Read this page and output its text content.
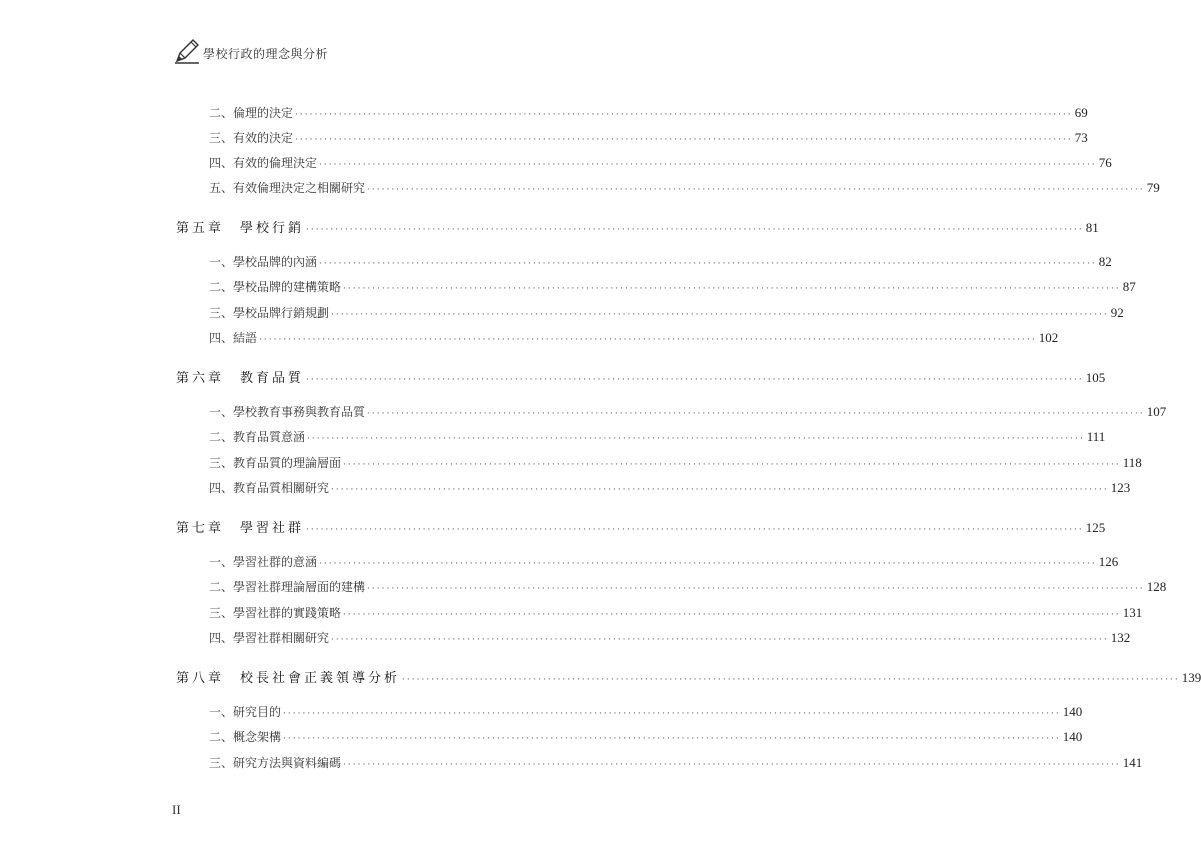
學校行政的理念與分析
二、倫理的決定 ································································································································································ 69
三、有效的決定 ································································································································································ 73
四、有效的倫理決定 ································································································································································ 76
五、有效倫理決定之相關研究 ································································································································································ 79
第五章　學校行銷 ································································································································································ 81
一、學校品牌的內涵 ································································································································································ 82
二、學校品牌的建構策略 ································································································································································ 87
三、學校品牌行銷規劃 ································································································································································ 92
四、結語 ································································································································································ 102
第六章　教育品質 ································································································································································ 105
一、學校教育事務與教育品質 ································································································································································ 107
二、教育品質意涵 ································································································································································ 111
三、教育品質的理論層面 ································································································································································ 118
四、教育品質相關研究 ································································································································································ 123
第七章　學習社群 ································································································································································ 125
一、學習社群的意涵 ································································································································································ 126
二、學習社群理論層面的建構 ································································································································································ 128
三、學習社群的實踐策略 ································································································································································ 131
四、學習社群相關研究 ································································································································································ 132
第八章　校長社會正義領導分析 ································································································································································ 139
一、研究目的 ································································································································································ 140
二、概念架構 ································································································································································ 140
三、研究方法與資料編碼 ································································································································································ 141
II
